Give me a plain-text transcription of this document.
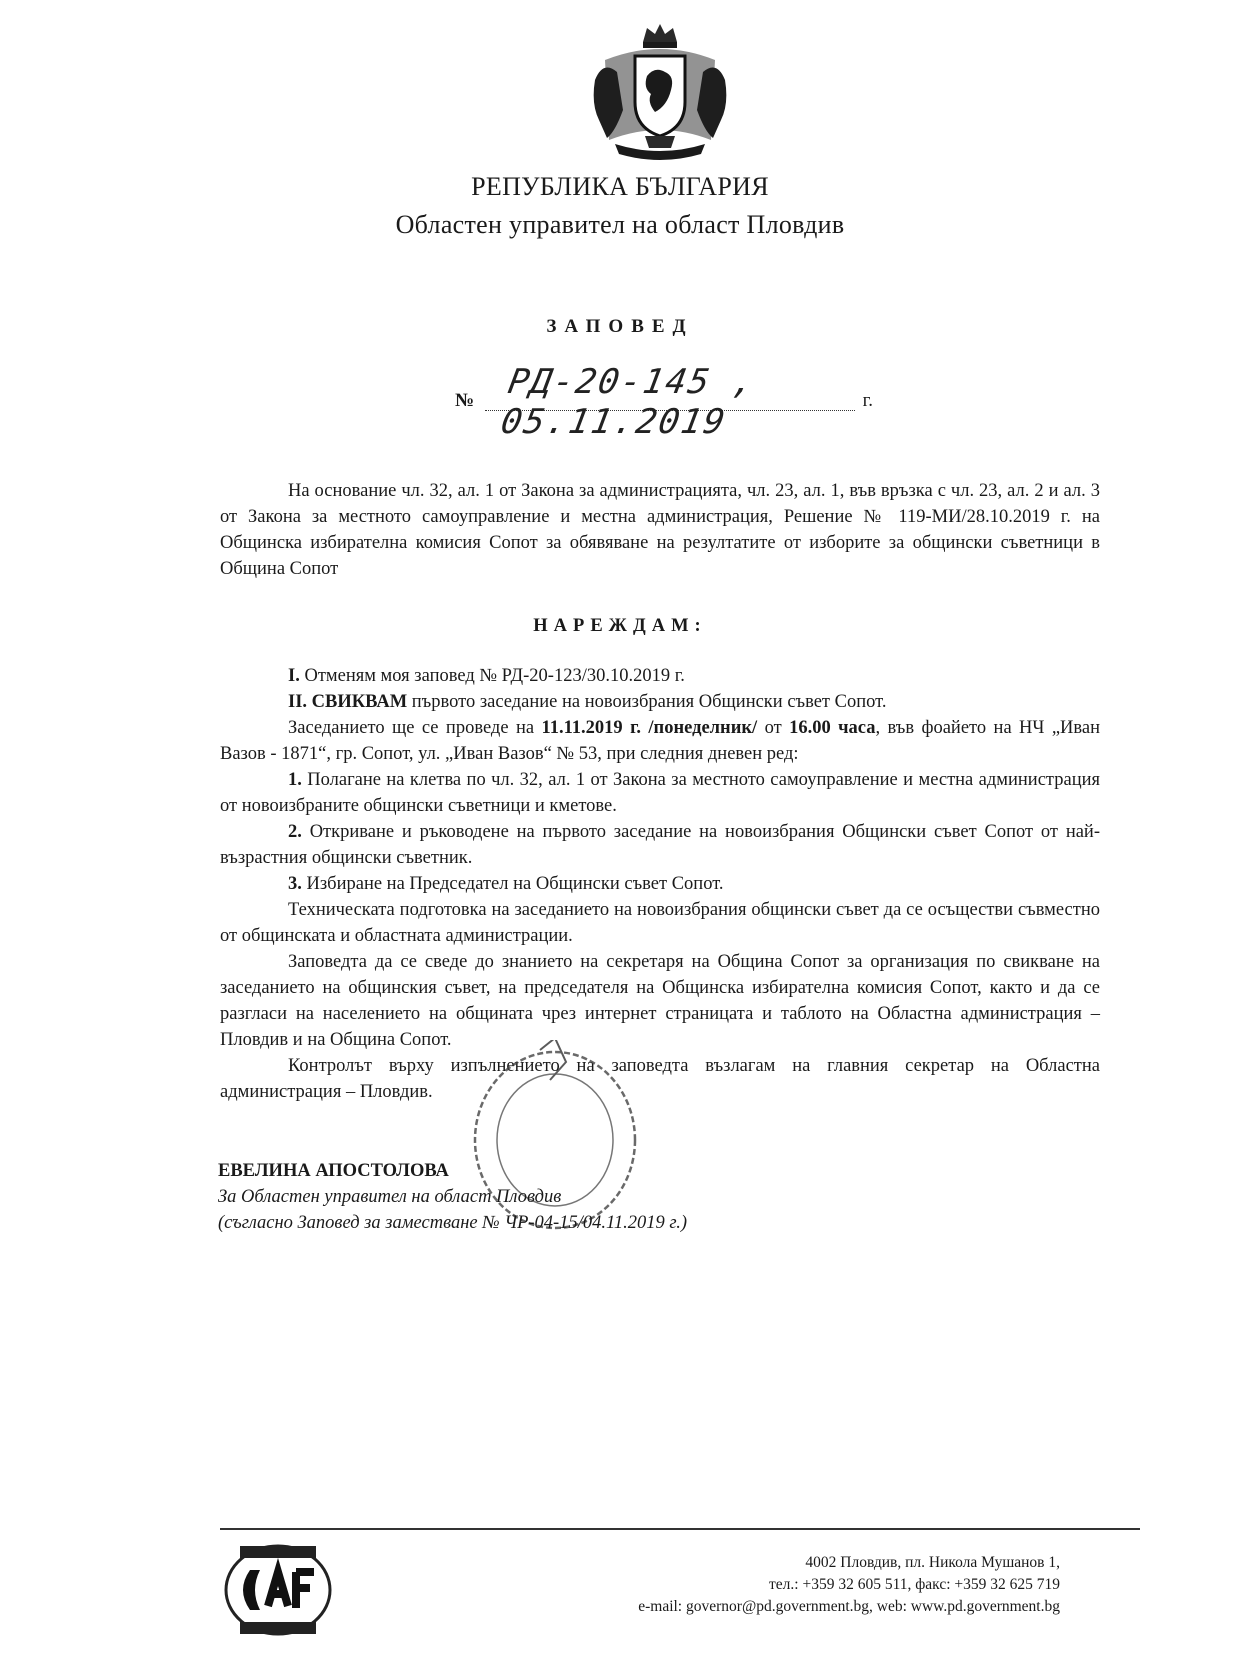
РЕПУБЛИКА БЪЛГАРИЯ
Областен управител на област Пловдив
ЗАПОВЕД
№ РД-20-145 , 05.11.2019
г.

На основание чл. 32, ал. 1 от Закона за администрацията, чл. 23, ал. 1, във връзка с чл. 23, ал. 2 и ал. 3 от Закона за местното самоуправление и местна администрация, Решение № 119-МИ/28.10.2019 г. на Общинска избирателна комисия Сопот за обявяване на резултатите от изборите за общински съветници в Община Сопот

НАРЕЖДАМ:

I. Отменям моя заповед № РД-20-123/30.10.2019 г.

II. СВИКВАМ първото заседание на новоизбрания Общински съвет Сопот.

Заседанието ще се проведе на 11.11.2019 г. /понеделник/ от 16.00 часа, във фоайето на НЧ „Иван Вазов - 1871“, гр. Сопот, ул. „Иван Вазов“ № 53, при следния дневен ред:

1. Полагане на клетва по чл. 32, ал. 1 от Закона за местното самоуправление и местна администрация от новоизбраните общински съветници и кметове.

2. Откриване и ръководене на първото заседание на новоизбрания Общински съвет Сопот от най-възрастния общински съветник.

3. Избиране на Председател на Общински съвет Сопот.

Техническата подготовка на заседанието на новоизбрания общински съвет да се осъществи съвместно от общинската и областната администрации.

Заповедта да се сведе до знанието на секретаря на Община Сопот за организация по свикване на заседанието на общинския съвет, на председателя на Общинска избирателна комисия Сопот, както и да се разгласи на населението на общината чрез интернет страницата и таблото на Областна администрация – Пловдив и на Община Сопот.

Контролът върху изпълнението на заповедта възлагам на главния секретар на Областна администрация – Пловдив.

ЕВЕЛИНА АПОСТОЛОВА
За Областен управител на област Пловдив
(съгласно Заповед за заместване № ЧР-04-15/04.11.2019 г.)
4002 Пловдив, пл. Никола Мушанов 1,
тел.: +359 32 605 511, факс: +359 32 625 719
e-mail: governor@pd.government.bg, web: www.pd.government.bg
